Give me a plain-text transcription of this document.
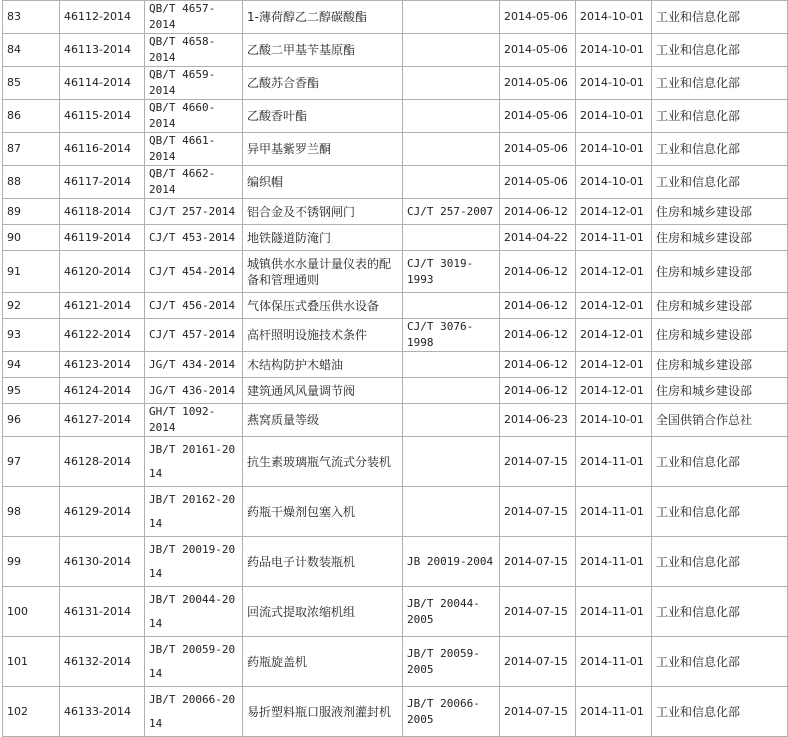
83	46112-2014	QB/T 4657-2014	1-薄荷醇乙二醇碳酸酯		2014-05-06	2014-10-01	工业和信息化部
84	46113-2014	QB/T 4658-2014	乙酸二甲基苄基原酯		2014-05-06	2014-10-01	工业和信息化部
85	46114-2014	QB/T 4659-2014	乙酸苏合香酯		2014-05-06	2014-10-01	工业和信息化部
86	46115-2014	QB/T 4660-2014	乙酸香叶酯		2014-05-06	2014-10-01	工业和信息化部
87	46116-2014	QB/T 4661-2014	异甲基紫罗兰酮		2014-05-06	2014-10-01	工业和信息化部
88	46117-2014	QB/T 4662-2014	编织帽		2014-05-06	2014-10-01	工业和信息化部
89	46118-2014	CJ/T 257-2014	铝合金及不锈钢闸门	CJ/T 257-2007	2014-06-12	2014-12-01	住房和城乡建设部
90	46119-2014	CJ/T 453-2014	地铁隧道防淹门		2014-04-22	2014-11-01	住房和城乡建设部
91	46120-2014	CJ/T 454-2014	城镇供水水量计量仪表的配备和管理通则	CJ/T 3019-1993	2014-06-12	2014-12-01	住房和城乡建设部
92	46121-2014	CJ/T 456-2014	气体保压式叠压供水设备		2014-06-12	2014-12-01	住房和城乡建设部
93	46122-2014	CJ/T 457-2014	高杆照明设施技术条件	CJ/T 3076-1998	2014-06-12	2014-12-01	住房和城乡建设部
94	46123-2014	JG/T 434-2014	木结构防护木蜡油		2014-06-12	2014-12-01	住房和城乡建设部
95	46124-2014	JG/T 436-2014	建筑通风风量调节阀		2014-06-12	2014-12-01	住房和城乡建设部
96	46127-2014	GH/T 1092-2014	燕窝质量等级		2014-06-23	2014-10-01	全国供销合作总社
97	46128-2014	JB/T 20161-2014	抗生素玻璃瓶气流式分装机		2014-07-15	2014-11-01	工业和信息化部
98	46129-2014	JB/T 20162-2014	药瓶干燥剂包塞入机		2014-07-15	2014-11-01	工业和信息化部
99	46130-2014	JB/T 20019-2014	药品电子计数装瓶机	JB 20019-2004	2014-07-15	2014-11-01	工业和信息化部
100	46131-2014	JB/T 20044-2014	回流式提取浓缩机组	JB/T 20044-2005	2014-07-15	2014-11-01	工业和信息化部
101	46132-2014	JB/T 20059-2014	药瓶旋盖机	JB/T 20059-2005	2014-07-15	2014-11-01	工业和信息化部
102	46133-2014	JB/T 20066-2014	易折塑料瓶口服液剂灌封机	JB/T 20066-2005	2014-07-15	2014-11-01	工业和信息化部
